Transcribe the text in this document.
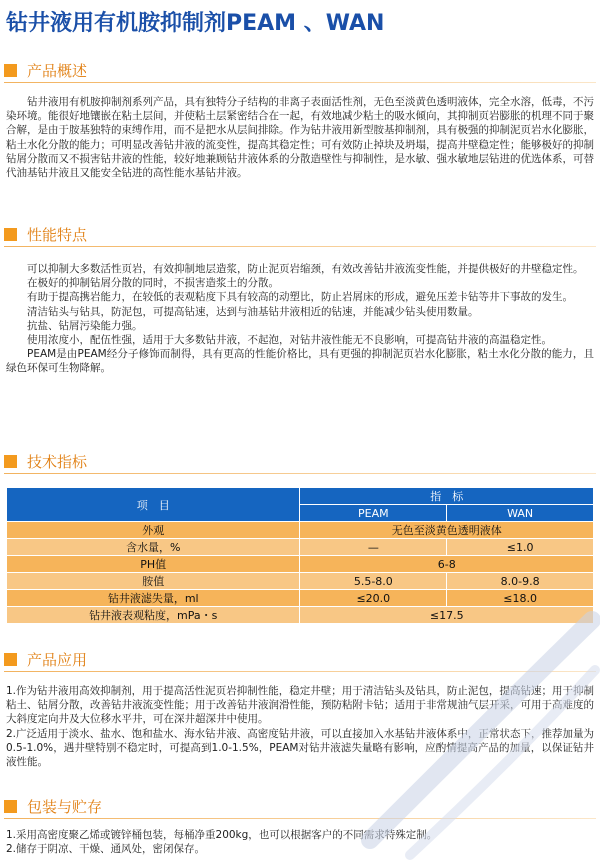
钻井液用有机胺抑制剂PEAM 、WAN
产品概述

钻井液用有机胺抑制剂系列产品，具有独特分子结构的非离子表面活性剂，无色至淡黄色透明液体，完全水溶，低毒，不污染环境。能很好地镶嵌在粘土层间，并使粘土层紧密结合在一起，有效地减少粘土的吸水倾向，其抑制页岩膨胀的机理不同于聚合解，是由于胺基独特的束缚作用，而不是把水从层间排除。作为钻井液用新型胺基抑制剂，具有极强的抑制泥页岩水化膨胀，粘土水化分散的能力；可明显改善钻井液的流变性，提高其稳定性；可有效防止掉块及坍塌，提高井壁稳定性；能够极好的抑制钻屑分散而又不损害钻井液的性能，较好地兼顾钻井液体系的分散造壁性与抑制性，是水敏、强水敏地层钻进的优选体系，可替代油基钻井液且又能安全钻进的高性能水基钻井液。

性能特点

可以抑制大多数活性页岩，有效抑制地层造浆，防止泥页岩缩颈，有效改善钻井液流变性能，并提供极好的井壁稳定性。

在极好的抑制钻屑分散的同时，不损害造浆土的分散。

有助于提高携岩能力，在较低的表观粘度下具有较高的动塑比，防止岩屑床的形成，避免压差卡钻等井下事故的发生。

清洁钻头与钻具，防泥包，可提高钻速，达到与油基钻井液相近的钻速，并能减少钻头使用数量。

抗盐、钻屑污染能力强。

使用浓度小，配伍性强，适用于大多数钻井液，不起泡，对钻井液性能无不良影响，可提高钻井液的高温稳定性。

PEAM是由PEAM经分子修饰而制得，具有更高的性能价格比，具有更强的抑制泥页岩水化膨胀，粘土水化分散的能力，且绿色环保可生物降解。

技术指标
项　目	指　标	
	PEAM	WAN
外观	无色至淡黄色透明液体	
含水量，%	—	≤1.0
PH值	6-8	
胺值	5.5-8.0	8.0-9.8
钻井液滤失量，ml	≤20.0	≤18.0
钻井液表观粘度，mPa・s	≤17.5	
产品应用

1.作为钻井液用高效抑制剂，用于提高活性泥页岩抑制性能，稳定井壁；用于清洁钻头及钻具，防止泥包，提高钻速；用于抑制粘土、钻屑分散，改善钻井液流变性能；用于改善钻井液润滑性能，预防粘附卡钻；适用于非常规油气层开采，可用于高难度的大斜度定向井及大位移水平井，可在深井超深井中使用。

2.广泛适用于淡水、盐水、饱和盐水、海水钻井液、高密度钻井液，可以直接加入水基钻井液体系中，正常状态下，推荐加量为0.5-1.0%，遇井壁特别不稳定时，可提高到1.0-1.5%，PEAM对钻井液滤失量略有影响，应酌情提高产品的加量，以保证钻井液性能。

包装与贮存

1.采用高密度聚乙烯或镀锌桶包装，每桶净重200kg，也可以根据客户的不同需求特殊定制。

2.储存于阴凉、干燥、通风处，密闭保存。
